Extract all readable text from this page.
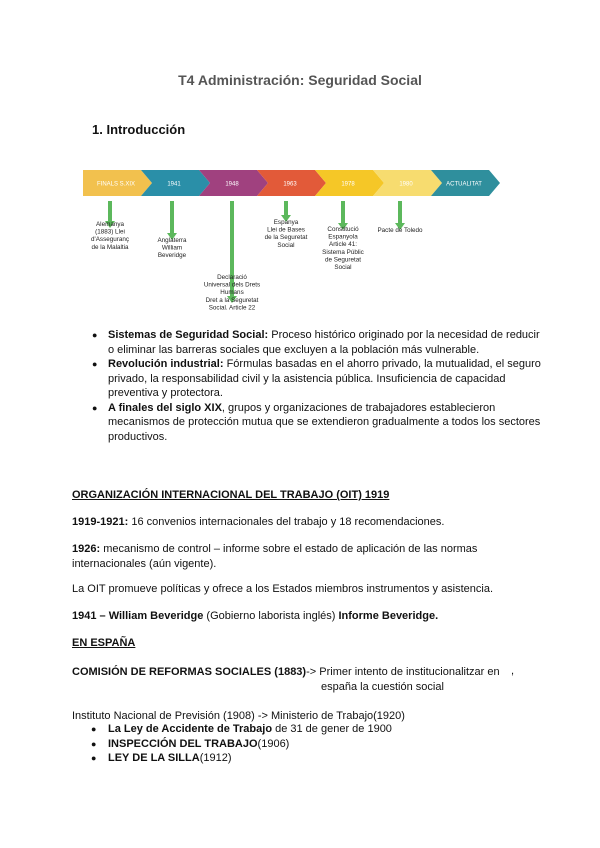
T4 Administración: Seguridad Social
1. Introducción
FINALS S.XIX	1941	1948	1963	1978	1980	ACTUALITAT
Alemanya
(1883) Llei
d'Asseguranç
de la Malaltia
Anglaterra
William
Beveridge
Declaració
Universal dels Drets
Humans
Dret a la Seguretat
Social. Article 22
Espanya
Llei de Bases
de la Seguretat
Social
Constitució
Espanyola
Article 41:
Sistema Públic
de Seguretat
Social
Pacte de Toledo
● Sistemas de Seguridad Social: Proceso histórico originado por la necesidad de reducir o eliminar las barreras sociales que excluyen a la población más vulnerable.
● Revolución industrial: Fórmulas basadas en el ahorro privado, la mutualidad, el seguro privado, la responsabilidad civil y la asistencia pública. Insuficiencia de capacidad preventiva y protectora.
● A finales del siglo XIX, grupos y organizaciones de trabajadores establecieron mecanismos de protección mutua que se extendieron gradualmente a todos los sectores productivos.
ORGANIZACIÓN INTERNACIONAL DEL TRABAJO (OIT) 1919
1919-1921: 16 convenios internacionales del trabajo y 18 recomendaciones.
1926: mecanismo de control – informe sobre el estado de aplicación de las normas internacionales (aún vigente).
La OIT promueve políticas y ofrece a los Estados miembros instrumentos y asistencia.
1941 – William Beveridge (Gobierno laborista inglés) Informe Beveridge.
EN ESPAÑA
COMISIÓN DE REFORMAS SOCIALES (1883)-> Primer intento de institucionalitzar en	,
españa la cuestión social
Instituto Nacional de Previsión (1908) -> Ministerio de Trabajo(1920)
● La Ley de Accidente de Trabajo de 31 de gener de 1900
● INSPECCIÓN DEL TRABAJO(1906)
● LEY DE LA SILLA(1912)
